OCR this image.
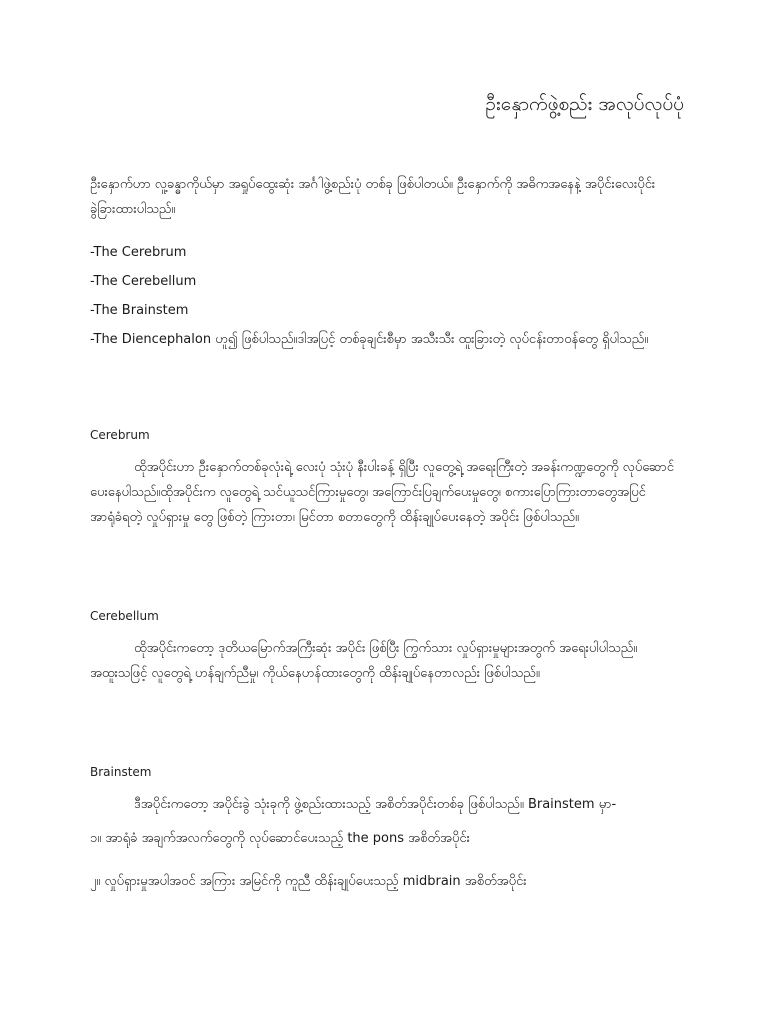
ဦးနှောက်ဖွဲ့စည်း အလုပ်လုပ်ပုံ

ဦးနှောက်ဟာ လူ့ခန္ဓာကိုယ်မှာ အရှုပ်ထွေးဆုံး အင်္ဂါဖွဲ့စည်းပုံ တစ်ခု ဖြစ်ပါတယ်။ ဦးနှောက်ကို အဓိကအနေနဲ့ အပိုင်းလေးပိုင်း ခွဲခြားထားပါသည်။

-The Cerebrum

-The Cerebellum

-The Brainstem

-The Diencephalon ဟူ၍ ဖြစ်ပါသည်။ဒါအပြင့် တစ်ခုချင်းစီမှာ အသီးသီး ထူးခြားတဲ့ လုပ်ငန်းတာဝန်တွေ ရှိပါသည်။

Cerebrum

ထိုအပိုင်းဟာ ဦးနှောက်တစ်ခုလုံးရဲ့ လေးပုံ သုံးပုံ နီးပါးခန့် ရှိပြီး လူတွေ့ရဲ့ အရေးကြီးတဲ့ အခန်းကဏ္ဍတွေကို လုပ်ဆောင်ပေးနေပါသည်။ထိုအပိုင်းက လူတွေရဲ့ သင်ယူသင်ကြားမှုတွေ၊ အကြောင်းပြချက်ပေးမှုတွေ၊ စကားပြောကြားတာတွေအပြင် အာရုံခံရတဲ့ လှုပ်ရှားမှု တွေ ဖြစ်တဲ့ ကြားတာ၊ မြင်တာ စတာတွေကို ထိန်းချုပ်ပေးနေတဲ့ အပိုင်း ဖြစ်ပါသည်။

Cerebellum

ထိုအပိုင်းကတော့ ဒုတိယမြောက်အကြီးဆုံး အပိုင်း ဖြစ်ပြီး ကြွက်သား လှုပ်ရှားမှုများအတွက် အရေးပါပါသည်။ အထူးသဖြင့် လူတွေရဲ့ ဟန်ချက်ညီမှု၊ ကိုယ်နေဟန်ထားတွေကို ထိန်းချုပ်နေတာလည်း ဖြစ်ပါသည်။

Brainstem

ဒီအပိုင်းကတော့ အပိုင်းခွဲ သုံးခုကို ဖွဲ့စည်းထားသည့် အစိတ်အပိုင်းတစ်ခု ဖြစ်ပါသည်။ Brainstem မှာ-

၁။ အာရုံခံ အချက်အလက်တွေကို လုပ်ဆောင်ပေးသည့် the pons အစိတ်အပိုင်း

၂။ လှုပ်ရှားမှုအပါအဝင် အကြား အမြင်ကို ကူညီ ထိန်းချုပ်ပေးသည့် midbrain အစိတ်အပိုင်း
